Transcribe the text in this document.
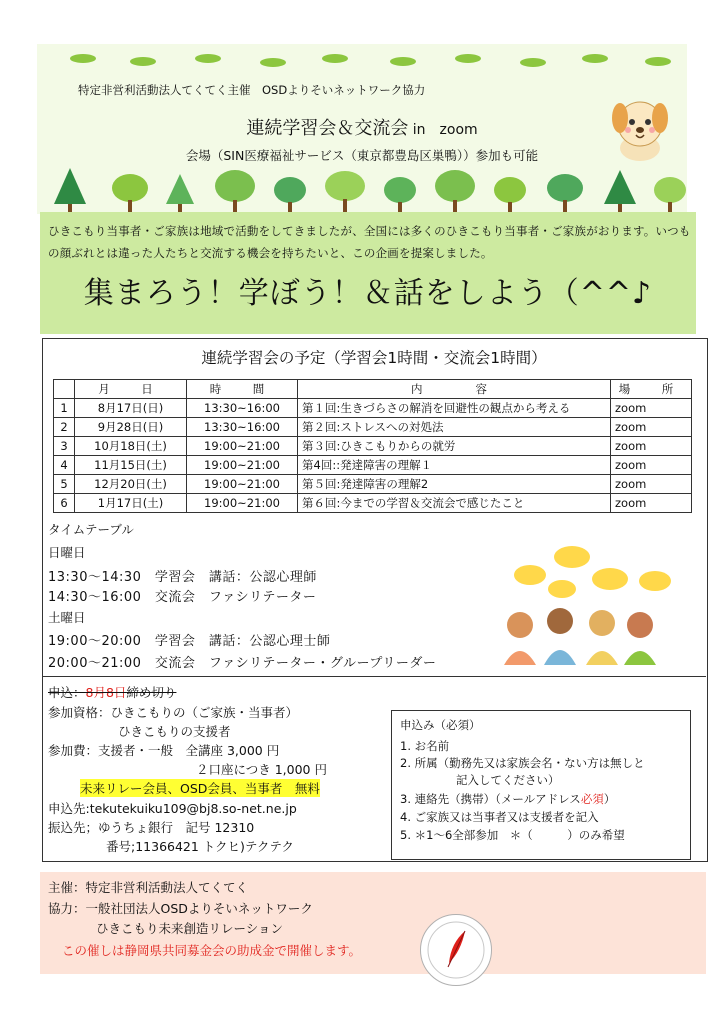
特定非営利活動法人てくてく主催　OSDよりそいネットワーク協力
連続学習会＆交流会 in　zoom
会場（SIN医療福祉サービス（東京都豊島区巣鴨））参加も可能
ひきこもり当事者・ご家族は地域で活動をしてきましたが、全国には多くのひきこもり当事者・ご家族がおります。いつもの顔ぶれとは違った人たちと交流する機会を持ちたいと、この企画を提案しました。
集まろう！学ぼう！＆話をしよう（^^♪
連続学習会の予定（学習会1時間・交流会1時間）
	月　日	時　間	内　　容	場　所
1	8月17日(日)	13:30~16:00	第１回:生きづらさの解消を回避性の観点から考える	zoom
2	9月28日(日)	13:30~16:00	第２回:ストレスへの対処法	zoom
3	10月18日(土)	19:00~21:00	第３回:ひきこもりからの就労	zoom
4	11月15日(土)	19:00~21:00	第4回::発達障害の理解１	zoom
5	12月20日(土)	19:00~21:00	第５回:発達障害の理解2	zoom
6	1月17日(土)	19:00~21:00	第６回:今までの学習＆交流会で感じたこと	zoom
タイムテーブル
日曜日
13:30～14:30　学習会　講話：公認心理師
14:30～16:00　交流会　ファシリテーター
土曜日
19:00～20:00　学習会　講話：公認心理士師
20:00～21:00　交流会　ファシリテーター・グループリーダー
申込：8月8日締め切り
参加資格：ひきこもりの（ご家族・当事者）
ひきこもりの支援者
参加費：支援者・一般　全講座 3,000 円
２口座につき 1,000 円
未来リレー会員、OSD会員、当事者　無料
申込先:tekutekuiku109@bj8.so-net.ne.jp
振込先；ゆうちょ銀行　記号 12310
番号;11366421 トクヒ)テクテク
申込み（必須）
1. お名前
2. 所属（勤務先又は家族会名・ない方は無しと
記入してください）
3. 連絡先（携帯）（メールアドレス必須）
4. ご家族又は当事者又は支援者を記入
5. ＊1～6全部参加　＊（　　　）のみ希望
主催：特定非営利活動法人てくてく
協力：一般社団法人OSDよりそいネットワーク
ひきこもり未来創造リレーション
この催しは静岡県共同募金会の助成金で開催します。
